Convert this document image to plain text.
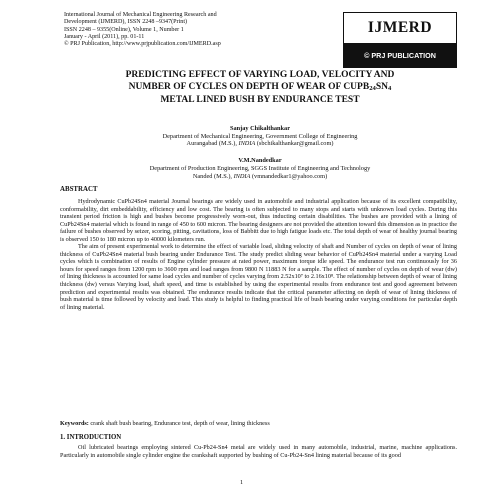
International Journal of Mechanical Engineering Research and
Development (IJMERD), ISSN 2248 –9347(Print)
ISSN 2248 – 9355(Online), Volume 1, Number 1
January - April (2011), pp. 01-11
© PRJ Publication, http://www.prjpublication.com/IJMERD.asp
IJMERD
© PRJ PUBLICATION
PREDICTING EFFECT OF VARYING LOAD, VELOCITY AND
NUMBER OF CYCLES ON DEPTH OF WEAR OF CUPB24SN4
METAL LINED BUSH BY ENDURANCE TEST
Sanjay Chikalthankar
Department of Mechanical Engineering, Government College of Engineering
Aurangabad (M.S.), INDIA (sbchikalthankar@gmail.com)
V.M.Nandedkar
Department of Production Engineering, SGGS Institute of Engineering and Technology
Nanded (M.S.), INDIA (vmnandedkar1@yahoo.com)
ABSTRACT

Hydrodynamic CuPb24Sn4 material Journal bearings are widely used in automobile and industrial application because of its excellent compatibility, conformability, dirt embeddability, efficiency and low cost. The bearing is often subjected to many stops and starts with unknown load cycles. During this transient period friction is high and bushes become progressively worn-out, thus inducting certain disabilities. The bushes are provided with a lining of CuPb24Sn4 material which is found in range of 450 to 600 micron. The bearing designers are not provided the attention toward this dimension as in practice the failure of bushes observed by seizer, scoring, pitting, cavitations, loss of Babbitt due to high fatigue loads etc. The total depth of wear of healthy journal bearing is observed 150 to 180 micron up to 40000 kilometers run.

The aim of present experimental work to determine the effect of variable load, sliding velocity of shaft and Number of cycles on depth of wear of lining thickness of CuPb24Sn4 material bush bearing under Endurance Test. The study predict sliding wear behavior of CuPb24Sn4 material under a varying Load cycles which is combination of results of Engine cylinder pressure at rated power, maximum torque idle speed. The endurance test run continuously for 36 hours for speed ranges from 1200 rpm to 3600 rpm and load ranges from 9800 N 11883 N for a sample. The effect of number of cycles on depth of wear (dw) of lining thickness is accounted for same load cycles and number of cycles varying from 2.52x10⁷ to 2.16x10⁸. The relationship between depth of wear of lining thickness (dw) versus Varying load, shaft speed, and time is established by using the experimental results from endurance test and good agreement between prediction and experimental results was obtained. The endurance results indicate that the critical parameter affecting on depth of wear of lining thickness of bush material is time followed by velocity and load. This study is helpful to finding practical life of bush bearing under varying conditions for particular depth of lining material.

Keywords: crank shaft bush bearing, Endurance test, depth of wear, lining thickness
1. INTRODUCTION

Oil lubricated bearings employing sintered Cu-Pb24-Sn4 metal are widely used in many automobile, industrial, marine, machine applications. Particularly in automobile single cylinder engine the crankshaft supported by bushing of Cu-Pb24-Sn4 lining material because of its good

1
